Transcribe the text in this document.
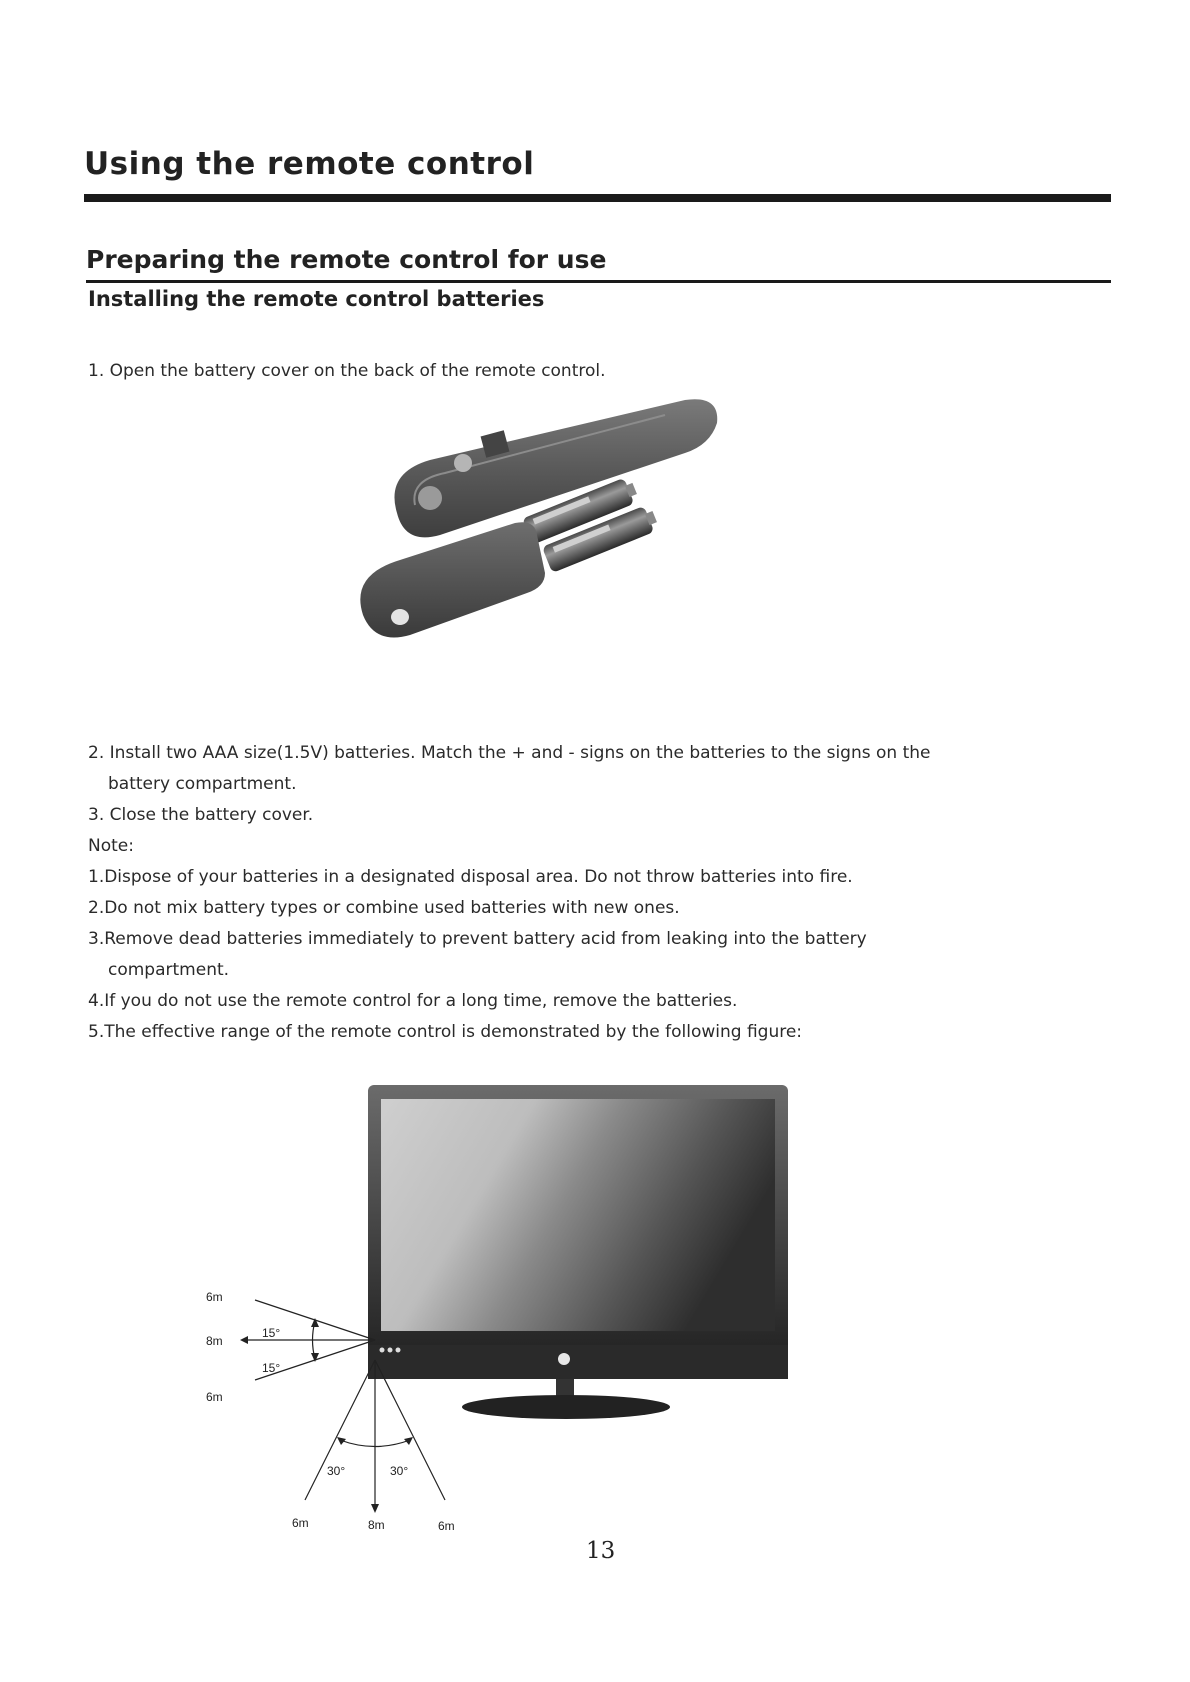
Using the remote control
Preparing the remote control for use
Installing the remote control batteries

1. Open the battery cover on the back of the remote control.

2. Install two AAA size(1.5V) batteries. Match the + and - signs on the batteries to the signs on the

battery compartment.

3. Close the battery cover.

Note:

1.Dispose of your batteries in a designated disposal area. Do not throw batteries into fire.

2.Do not mix battery types or combine used batteries with new ones.

3.Remove dead batteries immediately to prevent battery acid from leaking into the battery

compartment.

4.If you do not use the remote control for a long time, remove the batteries.

5.The effective range of the remote control is demonstrated by the following figure:

6m
15°
8m
15°
6m
30°	30°
6m	8m	6m
13
